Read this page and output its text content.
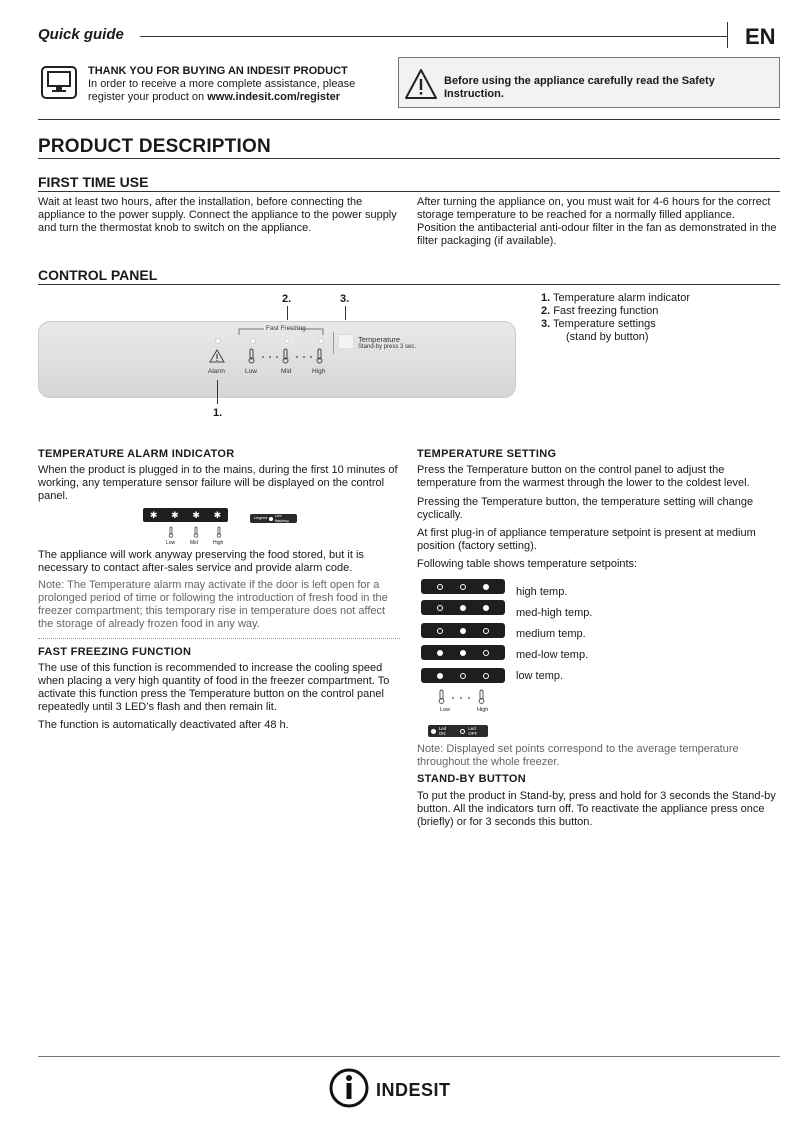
Quick guide	EN
THANK YOU FOR BUYING AN INDESIT PRODUCT
In order to receive a more complete assistance, please
register your product on www.indesit.com/register
Before using the appliance carefully read the Safety Instruction.
PRODUCT DESCRIPTION
FIRST TIME USE
Wait at least two hours, after the installation, before connecting the appliance to the power supply. Connect the appliance to the power supply and turn the thermostat knob to switch on the appliance.
After turning the appliance on, you must wait for 4-6 hours for the correct storage temperature to be reached for a normally filled appliance. Position the antibacterial anti-odour filter in the fan as demonstrated in the filter packaging (if available).
CONTROL PANEL
2.	3.
Fast Freezing
Alarm	Low	Mid	High
Temperature
Stand-by press 3 sec.
1.
1. Temperature alarm indicator
2. Fast freezing function
3. Temperature settings
(stand by button)
TEMPERATURE ALARM INDICATOR
When the product is plugged in to the mains, during the first 10 minutes of working, any temperature sensor failure will be displayed on the control panel.
✱ ✱ ✱ ✱
Low	Mid	High
Legend Led flashing
The appliance will work anyway preserving the food stored, but it is necessary to contact after-sales service and provide alarm code.
Note: The Temperature alarm may activate if the door is left open for a prolonged period of time or following the introduction of fresh food in the freezer compartment; this temporary rise in temperature does not affect the storage of already frozen food in any way.
FAST FREEZING FUNCTION
The use of this function is recommended to increase the cooling speed when placing a very high quantity of food in the freezer compartment. To activate this function press the Temperature button on the control panel repeatedly until 3 LED’s flash and then remain lit.
The function is automatically deactivated after 48 h.
TEMPERATURE SETTING
Press the Temperature button on the control panel to adjust the temperature from the warmest through the lower to the coldest level.
Pressing the Temperature button, the temperature setting will change cyclically.
At first plug-in of appliance temperature setpoint is present at medium position (factory setting).
Following table shows temperature setpoints:
high temp.
med-high temp.
medium temp.
med-low temp.
low temp.
Low	High
Led ON
Led OFF
Note: Displayed set points correspond to the average temperature throughout the whole freezer.
STAND-BY BUTTON
To put the product in Stand-by, press and hold for 3 seconds the Stand-by button. All the indicators turn off. To reactivate the appliance press once (briefly) or for 3 seconds this button.
indesit
